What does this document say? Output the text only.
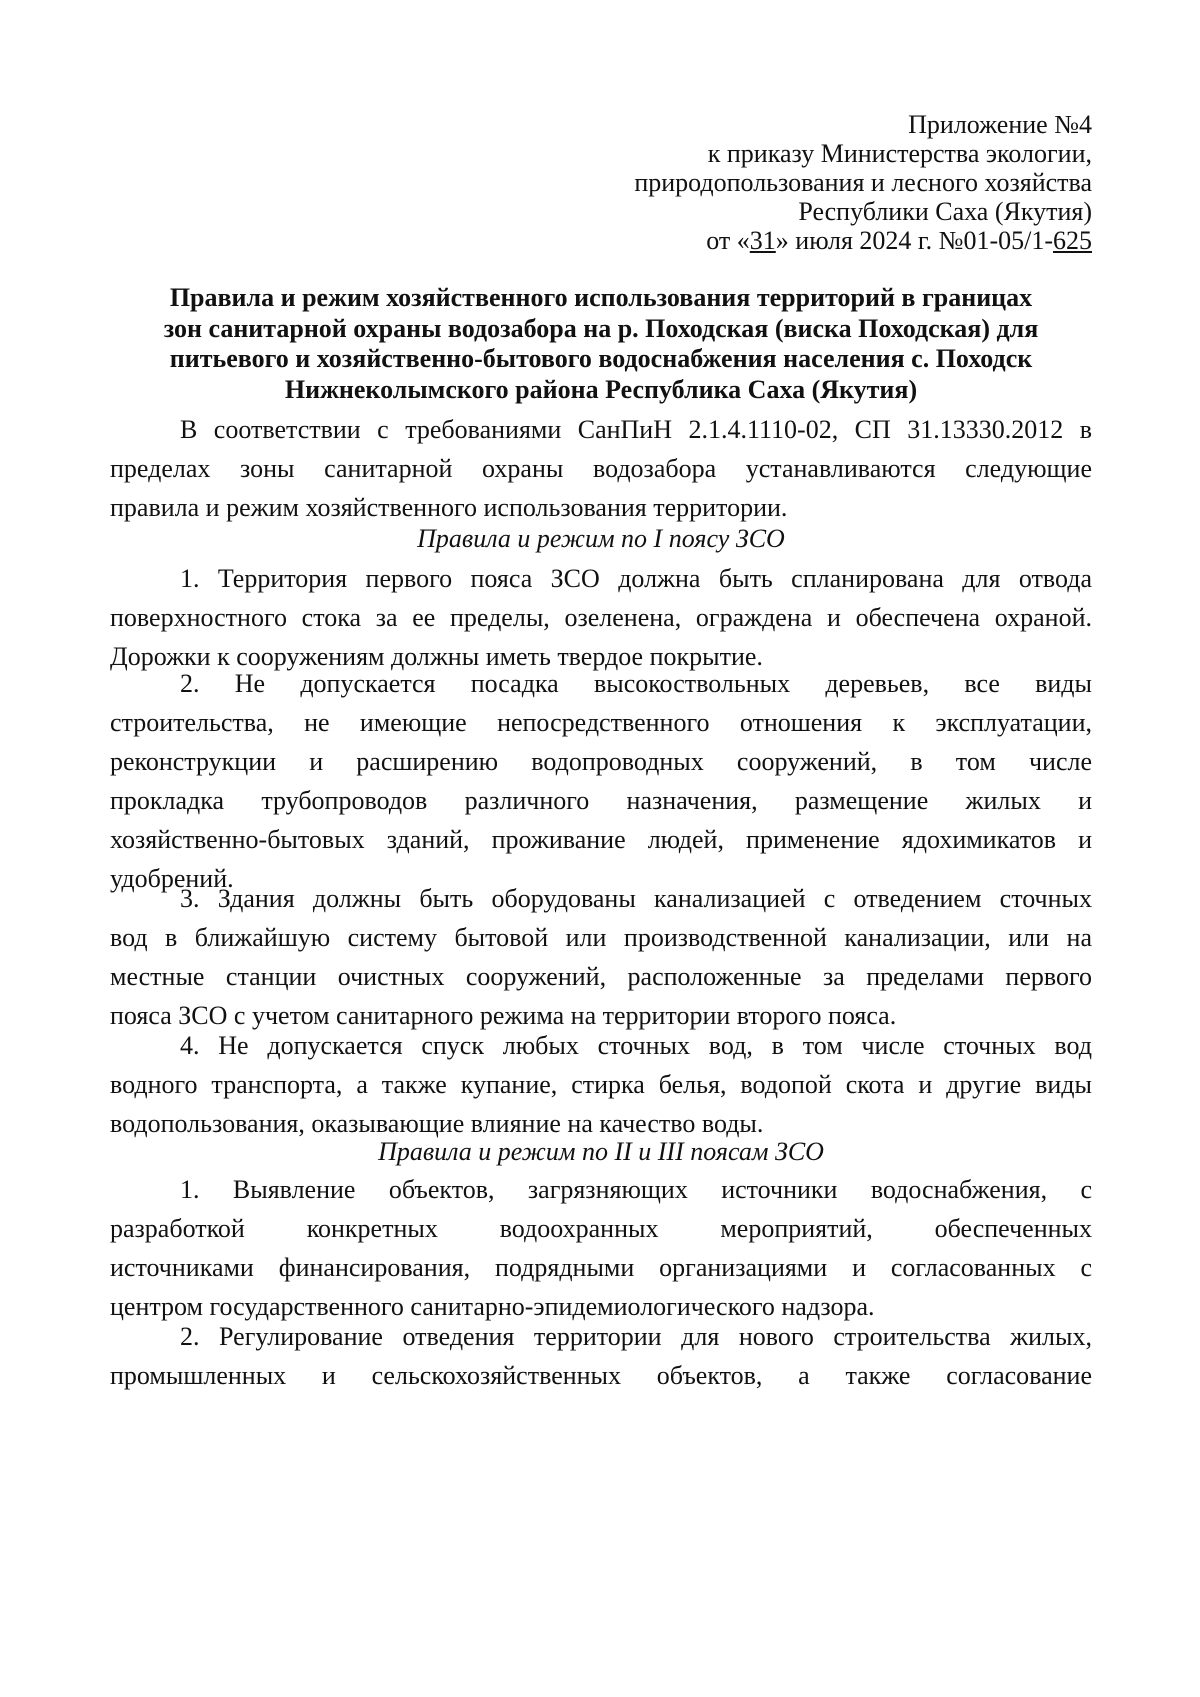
Приложение №4
к приказу Министерства экологии,
природопользования и лесного хозяйства
Республики Саха (Якутия)
от «31» июля 2024 г. №01-05/1-625
Правила и режим хозяйственного использования территорий в границах
зон санитарной охраны водозабора на р. Походская (виска Походская) для
питьевого и хозяйственно-бытового водоснабжения населения с. Походск
Нижнеколымского района Республика Саха (Якутия)
В соответствии с требованиями СанПиН 2.1.4.1110-02, СП 31.13330.2012 в
пределах зоны санитарной охраны водозабора устанавливаются следующие
правила и режим хозяйственного использования территории.
Правила и режим по I поясу ЗСО
1. Территория первого пояса ЗСО должна быть спланирована для отвода
поверхностного стока за ее пределы, озеленена, ограждена и обеспечена охраной.
Дорожки к сооружениям должны иметь твердое покрытие.
2. Не допускается посадка высокоствольных деревьев, все виды
строительства, не имеющие непосредственного отношения к эксплуатации,
реконструкции и расширению водопроводных сооружений, в том числе
прокладка трубопроводов различного назначения, размещение жилых и
хозяйственно-бытовых зданий, проживание людей, применение ядохимикатов и
удобрений.
3. Здания должны быть оборудованы канализацией с отведением сточных
вод в ближайшую систему бытовой или производственной канализации, или на
местные станции очистных сооружений, расположенные за пределами первого
пояса ЗСО с учетом санитарного режима на территории второго пояса.
4. Не допускается спуск любых сточных вод, в том числе сточных вод
водного транспорта, а также купание, стирка белья, водопой скота и другие виды
водопользования, оказывающие влияние на качество воды.
Правила и режим по II и III поясам ЗСО
1. Выявление объектов, загрязняющих источники водоснабжения, с
разработкой конкретных водоохранных мероприятий, обеспеченных
источниками финансирования, подрядными организациями и согласованных с
центром государственного санитарно-эпидемиологического надзора.
2. Регулирование отведения территории для нового строительства жилых,
промышленных и сельскохозяйственных объектов, а также согласование
